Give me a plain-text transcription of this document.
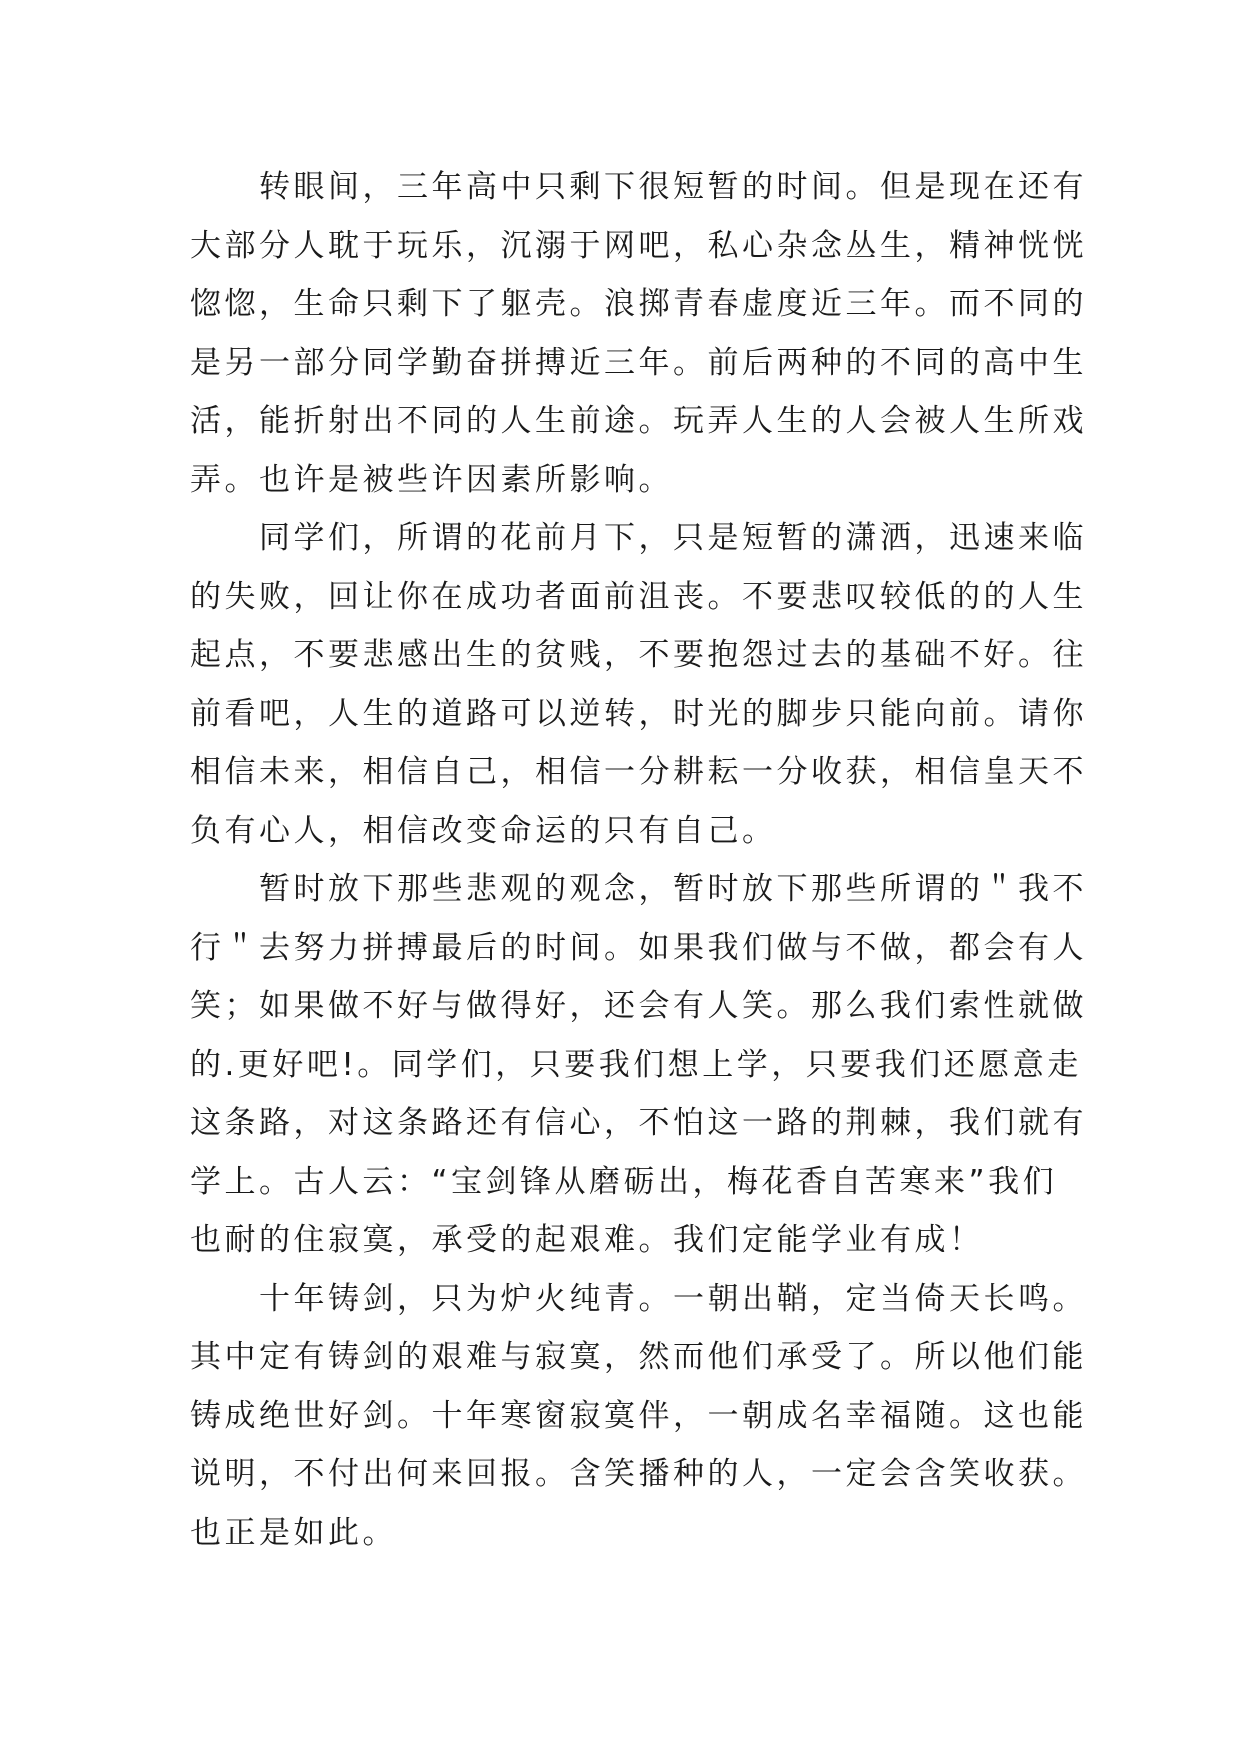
转眼间，三年高中只剩下很短暂的时间。但是现在还有
大部分人耽于玩乐，沉溺于网吧，私心杂念丛生，精神恍恍
惚惚，生命只剩下了躯壳。浪掷青春虚度近三年。而不同的
是另一部分同学勤奋拼搏近三年。前后两种的不同的高中生
活，能折射出不同的人生前途。玩弄人生的人会被人生所戏
弄。也许是被些许因素所影响。
同学们，所谓的花前月下，只是短暂的潇洒，迅速来临
的失败，回让你在成功者面前沮丧。不要悲叹较低的的人生
起点，不要悲感出生的贫贱，不要抱怨过去的基础不好。往
前看吧，人生的道路可以逆转，时光的脚步只能向前。请你
相信未来，相信自己，相信一分耕耘一分收获，相信皇天不
负有心人，相信改变命运的只有自己。
暂时放下那些悲观的观念，暂时放下那些所谓的＂我不
行＂去努力拼搏最后的时间。如果我们做与不做，都会有人
笑；如果做不好与做得好，还会有人笑。那么我们索性就做
的.更好吧!。同学们，只要我们想上学，只要我们还愿意走
这条路，对这条路还有信心，不怕这一路的荆棘，我们就有
学上。古人云：“宝剑锋从磨砺出，梅花香自苦寒来”我们
也耐的住寂寞，承受的起艰难。我们定能学业有成！
十年铸剑，只为炉火纯青。一朝出鞘，定当倚天长鸣。
其中定有铸剑的艰难与寂寞，然而他们承受了。所以他们能
铸成绝世好剑。十年寒窗寂寞伴，一朝成名幸福随。这也能
说明，不付出何来回报。含笑播种的人，一定会含笑收获。
也正是如此。
